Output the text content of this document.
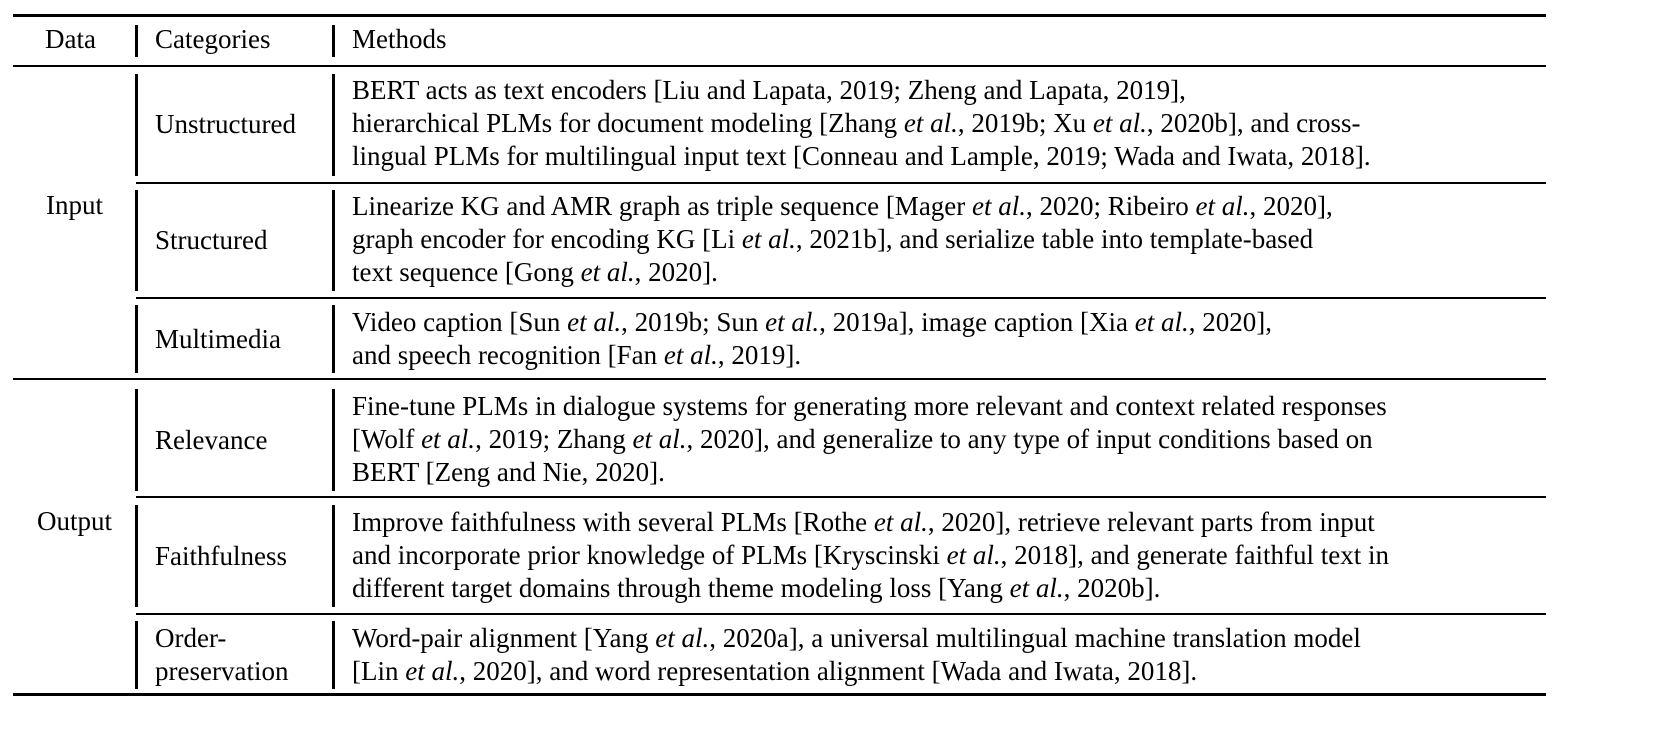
Data Categories	Methods
Input
Output
Unstructured
BERT acts as text encoders [Liu and Lapata, 2019; Zheng and Lapata, 2019],
hierarchical PLMs for document modeling [Zhang et al., 2019b; Xu et al., 2020b], and cross-
lingual PLMs for multilingual input text [Conneau and Lample, 2019; Wada and Iwata, 2018].
Structured
Linearize KG and AMR graph as triple sequence [Mager et al., 2020; Ribeiro et al., 2020],
graph encoder for encoding KG [Li et al., 2021b], and serialize table into template-based
text sequence [Gong et al., 2020].
Multimedia
Video caption [Sun et al., 2019b; Sun et al., 2019a], image caption [Xia et al., 2020],
and speech recognition [Fan et al., 2019].
Relevance
Fine-tune PLMs in dialogue systems for generating more relevant and context related responses
[Wolf et al., 2019; Zhang et al., 2020], and generalize to any type of input conditions based on
BERT [Zeng and Nie, 2020].
Faithfulness
Improve faithfulness with several PLMs [Rothe et al., 2020], retrieve relevant parts from input
and incorporate prior knowledge of PLMs [Kryscinski et al., 2018], and generate faithful text in
different target domains through theme modeling loss [Yang et al., 2020b].
Order-
preservation
Word-pair alignment [Yang et al., 2020a], a universal multilingual machine translation model
[Lin et al., 2020], and word representation alignment [Wada and Iwata, 2018].
